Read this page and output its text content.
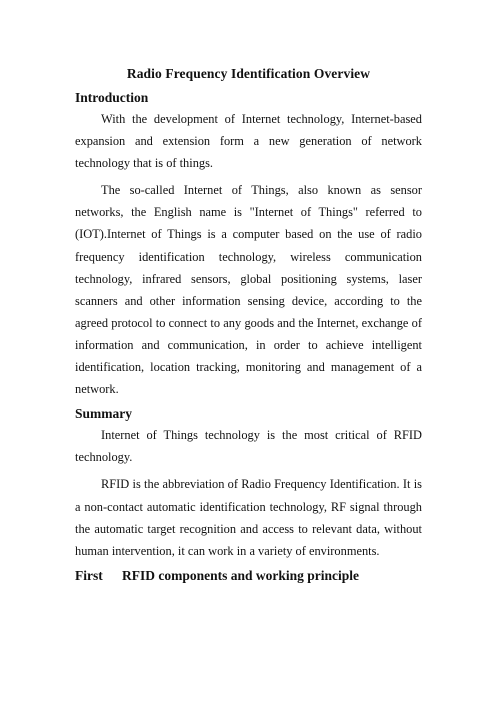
Radio Frequency Identification Overview
Introduction

With the development of Internet technology, Internet-based expansion and extension form a new generation of network technology that is of things.

The so-called Internet of Things, also known as sensor networks, the English name is "Internet of Things" referred to (IOT).Internet of Things is a computer based on the use of radio frequency identification technology, wireless communication technology, infrared sensors, global positioning systems, laser scanners and other information sensing device, according to the agreed protocol to connect to any goods and the Internet, exchange of information and communication, in order to achieve intelligent identification, location tracking, monitoring and management of a network.

Summary

Internet of Things technology is the most critical of RFID technology.

RFID is the abbreviation of Radio Frequency Identification. It is a non-contact automatic identification technology, RF signal through the automatic target recognition and access to relevant data, without human intervention, it can work in a variety of environments.

First RFID components and working principle
